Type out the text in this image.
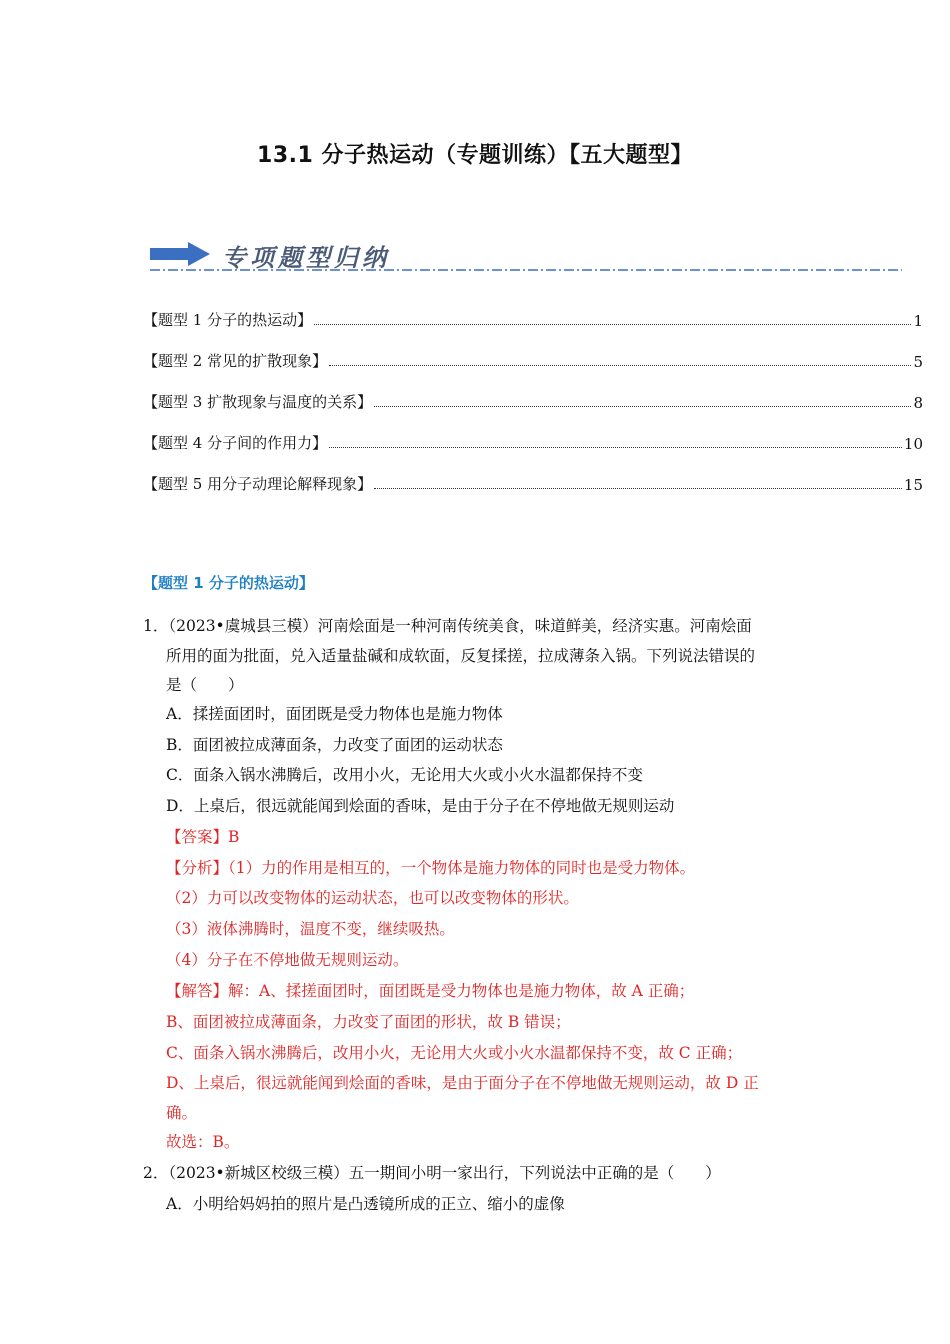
13.1 分子热运动（专题训练）【五大题型】
专项题型归纳
【题型 1 分子的热运动】	1
【题型 2 常见的扩散现象】	5
【题型 3 扩散现象与温度的关系】	8
【题型 4 分子间的作用力】	10
【题型 5 用分子动理论解释现象】	15
【题型 1 分子的热运动】
1．（2023•虞城县三模）河南烩面是一种河南传统美食，味道鲜美，经济实惠。河南烩面
所用的面为批面，兑入适量盐碱和成软面，反复揉搓，拉成薄条入锅。下列说法错误的
是（　　）
A．揉搓面团时，面团既是受力物体也是施力物体
B．面团被拉成薄面条，力改变了面团的运动状态
C．面条入锅水沸腾后，改用小火，无论用大火或小火水温都保持不变
D．上桌后，很远就能闻到烩面的香味，是由于分子在不停地做无规则运动
【答案】B
【分析】（1）力的作用是相互的，一个物体是施力物体的同时也是受力物体。
（2）力可以改变物体的运动状态，也可以改变物体的形状。
（3）液体沸腾时，温度不变，继续吸热。
（4）分子在不停地做无规则运动。
【解答】解：A、揉搓面团时，面团既是受力物体也是施力物体，故 A 正确；
B、面团被拉成薄面条，力改变了面团的形状，故 B 错误；
C、面条入锅水沸腾后，改用小火，无论用大火或小火水温都保持不变，故 C 正确；
D、上桌后，很远就能闻到烩面的香味，是由于面分子在不停地做无规则运动，故 D 正
确。
故选：B。
2．（2023•新城区校级三模）五一期间小明一家出行，下列说法中正确的是（　　）
A．小明给妈妈拍的照片是凸透镜所成的正立、缩小的虚像
